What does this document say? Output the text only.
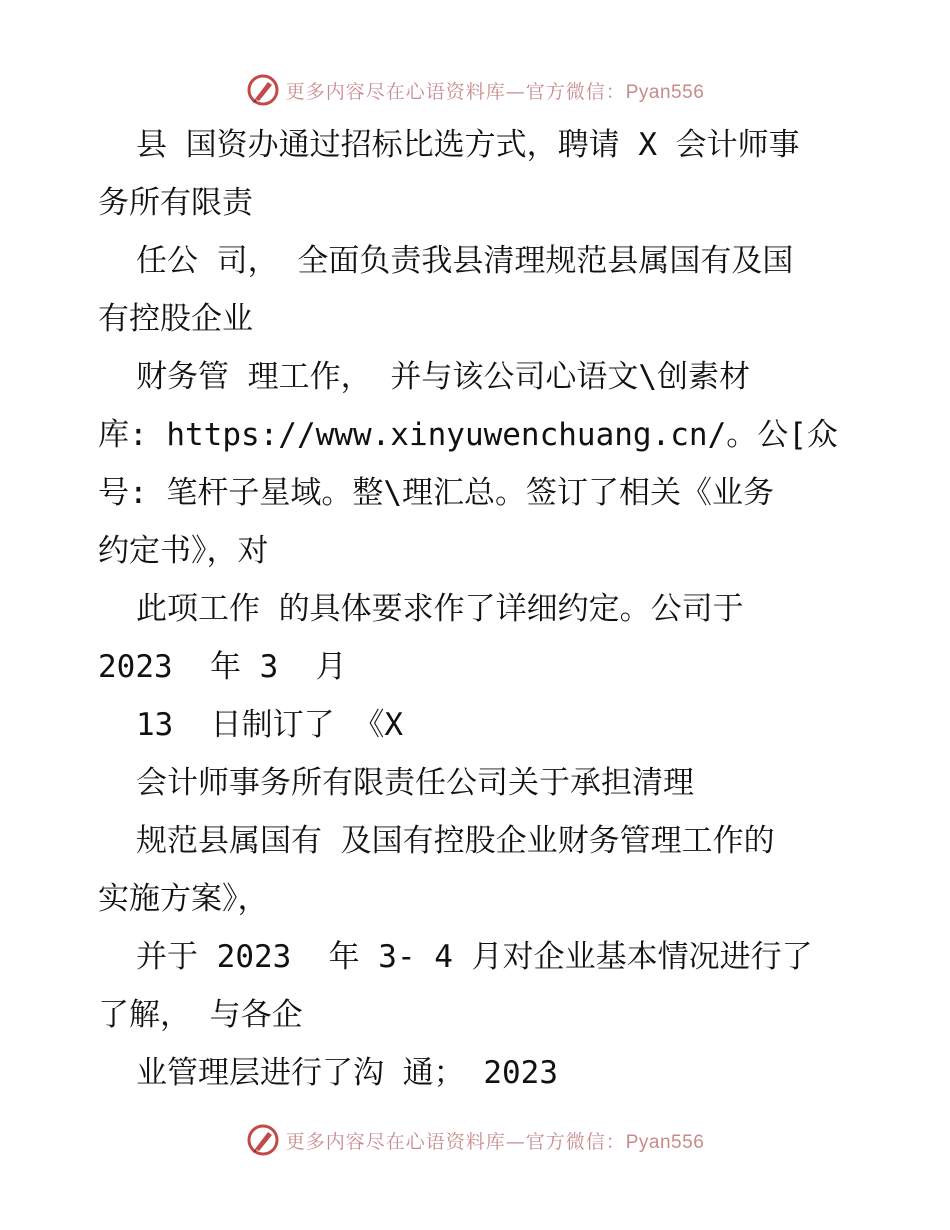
更多内容尽在心语资料库—官方微信：Pyan556
县 国资办通过招标比选方式，聘请 X 会计师事
务所有限责
任公 司， 全面负责我县清理规范县属国有及国
有控股企业
财务管 理工作， 并与该公司心语文\创素材
库: https://www.xinyuwenchuang.cn/。公[众
号: 笔杆子星域。整\理汇总。签订了相关《业务
约定书》，对
此项工作 的具体要求作了详细约定。公司于
2023  年 3  月
13  日制订了 《X
会计师事务所有限责任公司关于承担清理
规范县属国有 及国有控股企业财务管理工作的
实施方案》，
并于 2023  年 3- 4 月对企业基本情况进行了
了解， 与各企
业管理层进行了沟 通； 2023
更多内容尽在心语资料库—官方微信：Pyan556
